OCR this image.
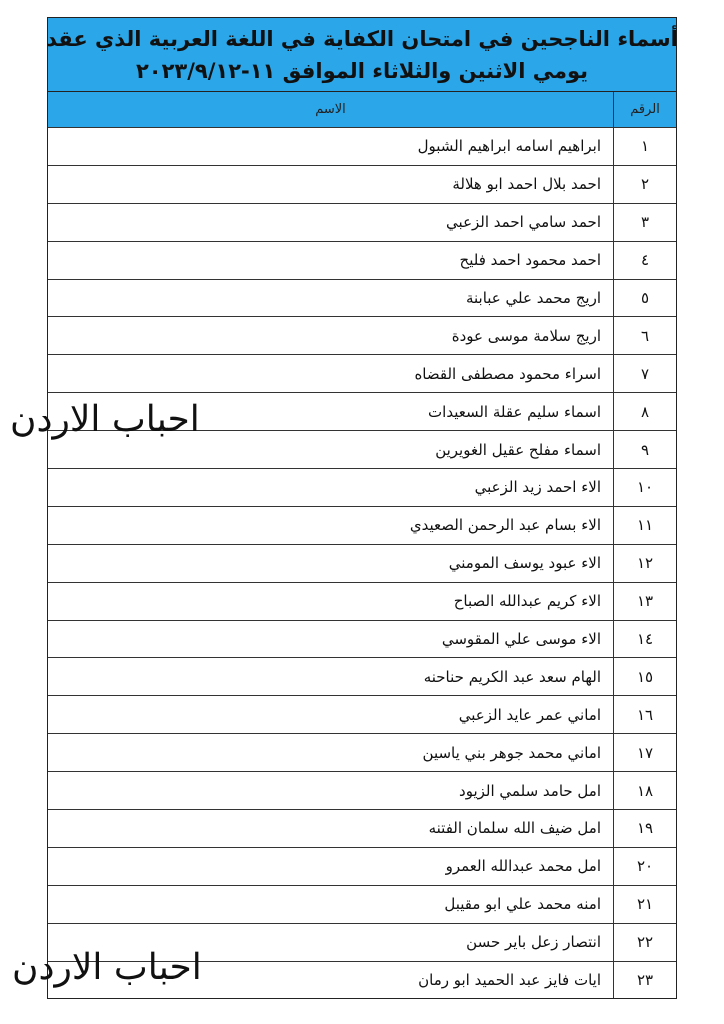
أسماء الناجحين في امتحان الكفاية في اللغة العربية الذي عقد
يومي الاثنين والثلاثاء الموافق ١١-٢٠٢٣/٩/١٢
الرقم	الاسم
١	ابراهيم اسامه ابراهيم الشبول
٢	احمد بلال احمد ابو هلالة
٣	احمد سامي احمد الزعبي
٤	احمد محمود احمد فليح
٥	اريج محمد علي عبابنة
٦	اريج سلامة موسى عودة
٧	اسراء محمود مصطفى القضاه
٨	اسماء سليم عقلة السعيدات
٩	اسماء مفلح عقيل الغويرين
١٠	الاء احمد زيد الزعبي
١١	الاء بسام عبد الرحمن الصعيدي
١٢	الاء عبود يوسف المومني
١٣	الاء كريم عبدالله الصباح
١٤	الاء موسى علي المقوسي
١٥	الهام سعد عبد الكريم حناحنه
١٦	اماني عمر عايد الزعبي
١٧	اماني محمد جوهر بني ياسين
١٨	امل حامد سلمي الزيود
١٩	امل ضيف الله سلمان الفتنه
٢٠	امل محمد عبدالله العمرو
٢١	امنه محمد علي ابو مقيبل
٢٢	انتصار زعل باير حسن
٢٣	ايات فايز عبد الحميد ابو رمان
احباب الاردن
احباب الاردن
